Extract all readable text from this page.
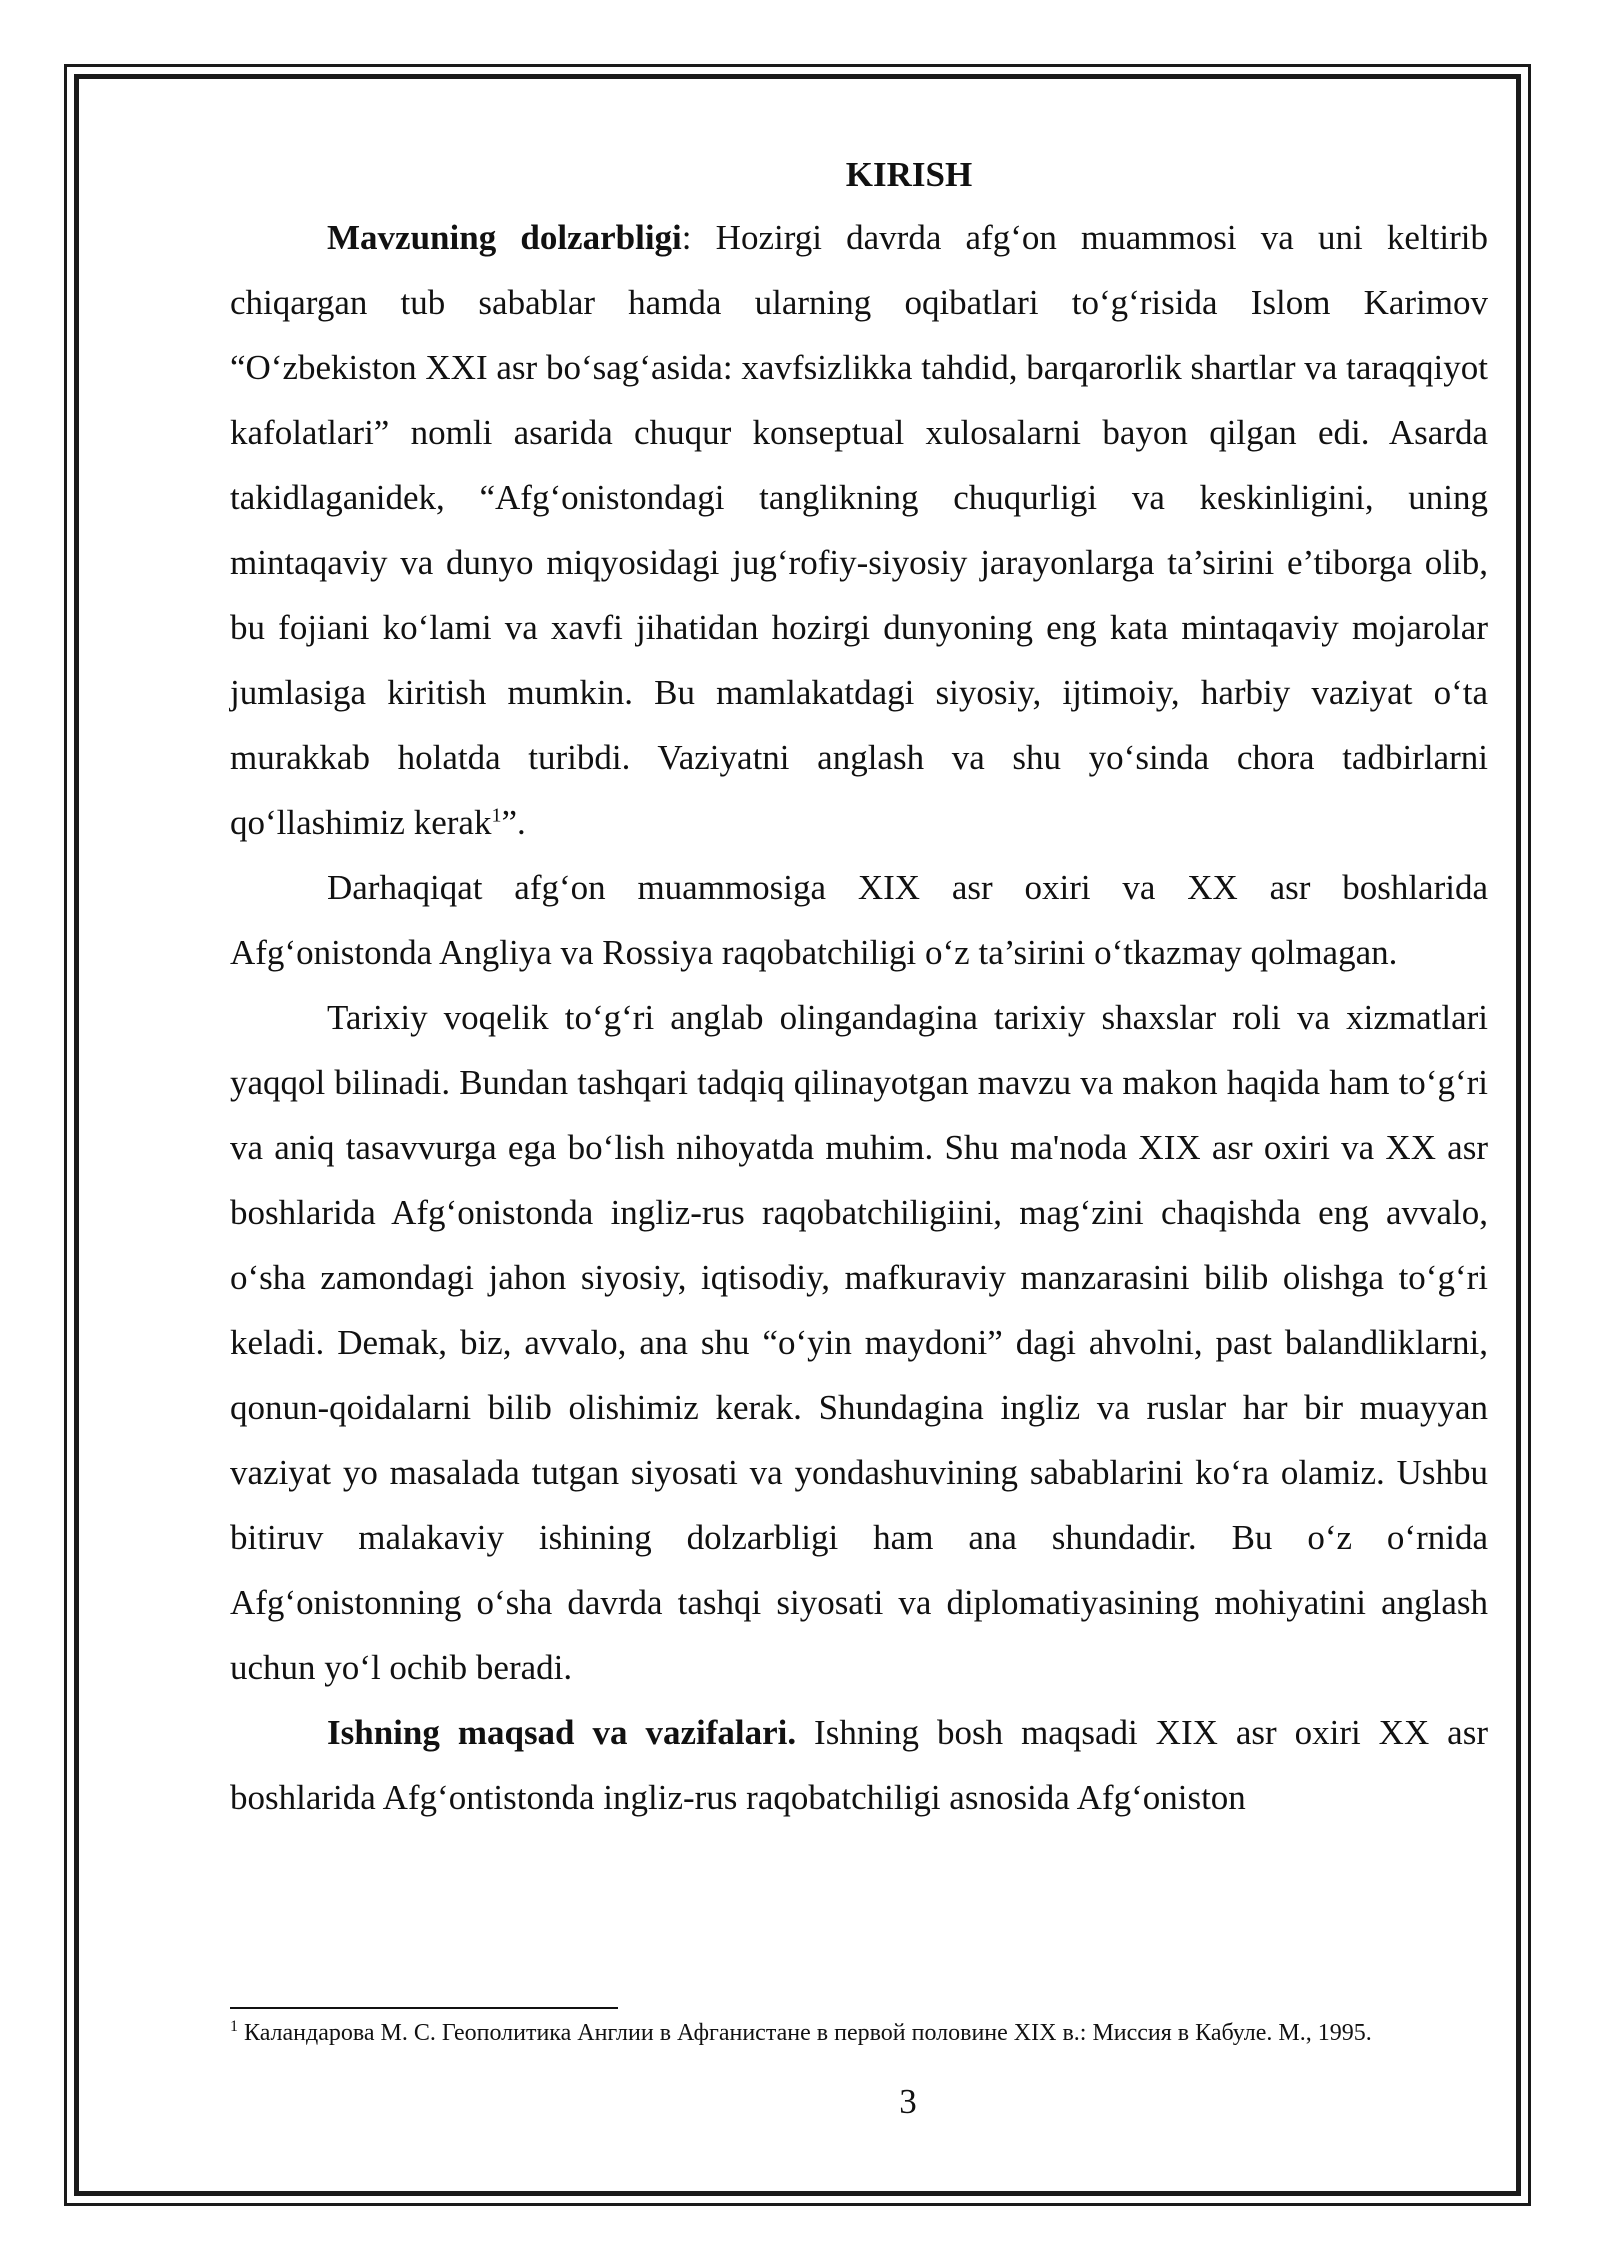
KIRISH

Mavzuning dolzarbligi: Hozirgi davrda afg‘on muammosi va uni keltirib chiqargan tub sabablar hamda ularning oqibatlari to‘g‘risida Islom Karimov “O‘zbekiston XXI asr bo‘sag‘asida: xavfsizlikka tahdid, barqarorlik shartlar va taraqqiyot kafolatlari” nomli asarida chuqur konseptual xulosalarni bayon qilgan edi. Asarda takidlaganidek, “Afg‘onistondagi tanglikning chuqurligi va keskinligini, uning mintaqaviy va dunyo miqyosidagi jug‘rofiy-siyosiy jarayonlarga ta’sirini e’tiborga olib, bu fojiani ko‘lami va xavfi jihatidan hozirgi dunyoning eng kata mintaqaviy mojarolar jumlasiga kiritish mumkin. Bu mamlakatdagi siyosiy, ijtimoiy, harbiy vaziyat o‘ta murakkab holatda turibdi. Vaziyatni anglash va shu yo‘sinda chora tadbirlarni qo‘llashimiz kerak$^1$”.

Darhaqiqat afg‘on muammosiga XIX asr oxiri va XX asr boshlarida Afg‘onistonda Angliya va Rossiya raqobatchiligi o‘z ta’sirini o‘tkazmay qolmagan.

Tarixiy voqelik to‘g‘ri anglab olingandagina tarixiy shaxslar roli va xizmatlari yaqqol bilinadi. Bundan tashqari tadqiq qilinayotgan mavzu va makon haqida ham to‘g‘ri va aniq tasavvurga ega bo‘lish nihoyatda muhim. Shu ma'noda XIX asr oxiri va XX asr boshlarida Afg‘onistonda ingliz-rus raqobatchiligiini, mag‘zini chaqishda eng avvalo, o‘sha zamondagi jahon siyosiy, iqtisodiy, mafkuraviy manzarasini bilib olishga to‘g‘ri keladi. Demak, biz, avvalo, ana shu “o‘yin maydoni” dagi ahvolni, past balandliklarni, qonun-qoidalarni bilib olishimiz kerak. Shundagina ingliz va ruslar har bir muayyan vaziyat yo masalada tutgan siyosati va yondashuvining sabablarini ko‘ra olamiz. Ushbu bitiruv malakaviy ishining dolzarbligi ham ana shundadir. Bu o‘z o‘rnida Afg‘onistonning o‘sha davrda tashqi siyosati va diplomatiyasining mohiyatini anglash uchun yo‘l ochib beradi.

Ishning maqsad va vazifalari. Ishning bosh maqsadi XIX asr oxiri XX asr boshlarida Afg‘ontistonda ingliz-rus raqobatchiligi asnosida Afg‘oniston

$^1$ Каландарова М. С. Геополитика Англии в Афганистане в первой половине XIX в.: Миссия в Кабуле. М., 1995.

3
